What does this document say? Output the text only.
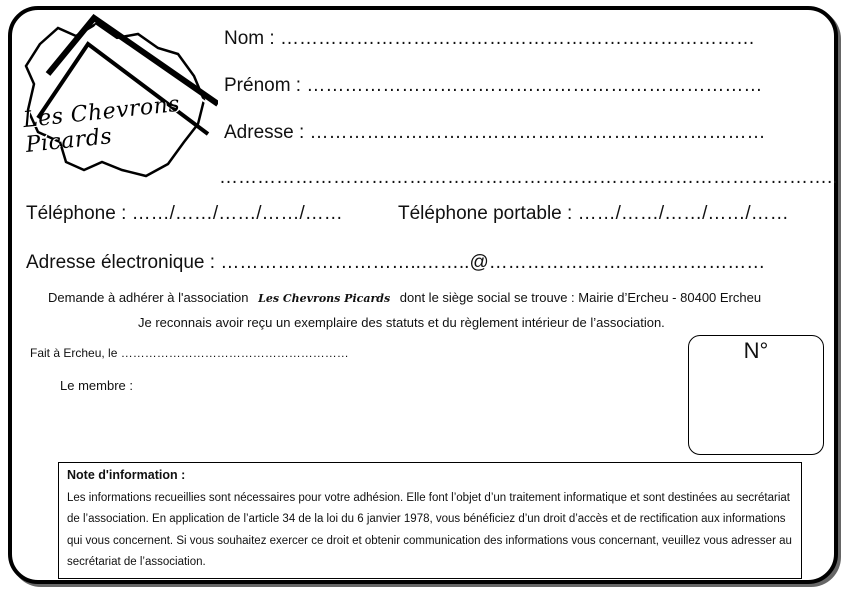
Les Chevrons Picards
Nom : …………………………………………………………………
Prénom : ………………………………………………………………
Adresse : ………………………………………………………………
……………………………………………………………………………………..
Téléphone : ……/……/……/……/……	Téléphone portable : ……/……/……/……/……
Adresse électronique : …………………………..……..@……………………..………………
Demande à adhérer à l'association Les Chevrons Picards dont le siège social se trouve : Mairie d’Ercheu - 80400 Ercheu
Je reconnais avoir reçu un exemplaire des statuts et du règlement intérieur de l’association.
Fait à Ercheu, le …………………………………………………
Le membre :
N°
Note d'information :
Les informations recueillies sont nécessaires pour votre adhésion. Elle font l’objet d’un traitement informatique et sont destinées au secrétariat de l’association. En application de l’article 34 de la loi du 6 janvier 1978, vous bénéficiez d’un droit d’accès et de rectification aux informations qui vous concernent. Si vous souhaitez exercer ce droit et obtenir communication des informations vous concernant, veuillez vous adresser au secrétariat de l’association.
